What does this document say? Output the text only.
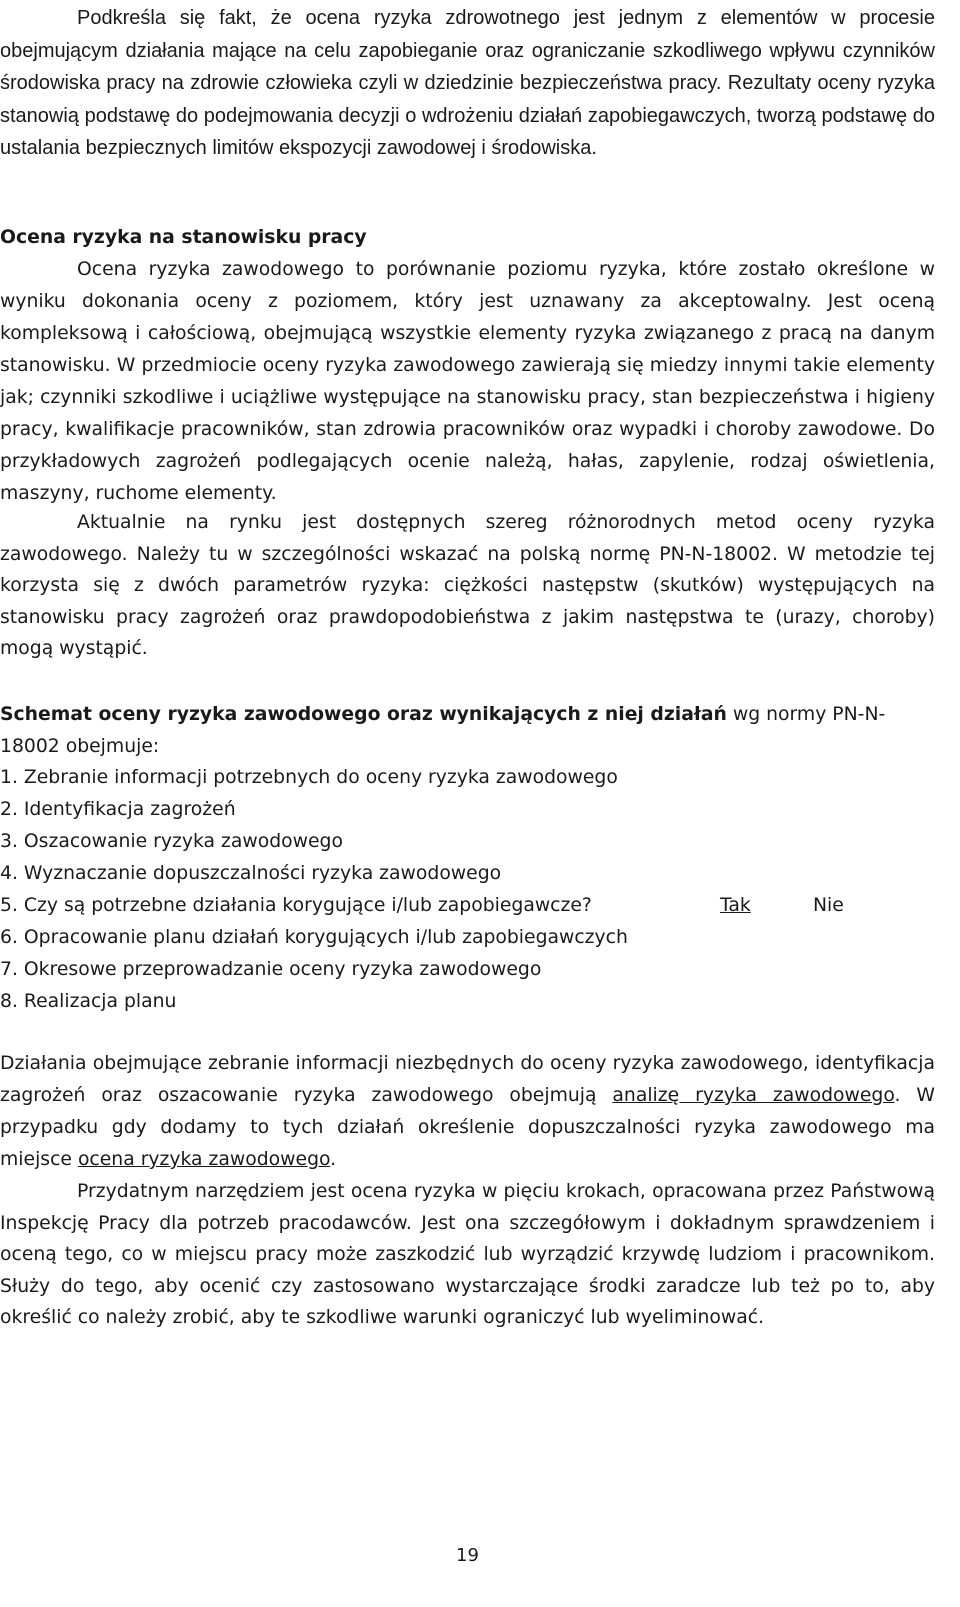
Podkreśla się fakt, że ocena ryzyka zdrowotnego jest jednym z elementów w procesie obejmującym działania mające na celu zapobieganie oraz ograniczanie szkodliwego wpływu czynników środowiska pracy na zdrowie człowieka czyli w dziedzinie bezpieczeństwa pracy. Rezultaty oceny ryzyka stanowią podstawę do podejmowania decyzji o wdrożeniu działań zapobiegawczych, tworzą podstawę do ustalania bezpiecznych limitów ekspozycji zawodowej i środowiska.

Ocena ryzyka na stanowisku pracy

Ocena ryzyka zawodowego to porównanie poziomu ryzyka, które zostało określone w wyniku dokonania oceny z poziomem, który jest uznawany za akceptowalny. Jest oceną kompleksową i całościową, obejmującą wszystkie elementy ryzyka związanego z pracą na danym stanowisku. W przedmiocie oceny ryzyka zawodowego zawierają się miedzy innymi takie elementy jak; czynniki szkodliwe i uciążliwe występujące na stanowisku pracy, stan bezpieczeństwa i higieny pracy, kwalifikacje pracowników, stan zdrowia pracowników oraz wypadki i choroby zawodowe. Do przykładowych zagrożeń podlegających ocenie należą, hałas, zapylenie, rodzaj oświetlenia, maszyny, ruchome elementy.

Aktualnie na rynku jest dostępnych szereg różnorodnych metod oceny ryzyka zawodowego. Należy tu w szczególności wskazać na polską normę PN-N-18002. W metodzie tej korzysta się z dwóch parametrów ryzyka: ciężkości następstw (skutków) występujących na stanowisku pracy zagrożeń oraz prawdopodobieństwa z jakim następstwa te (urazy, choroby) mogą wystąpić.

Schemat oceny ryzyka zawodowego oraz wynikających z niej działań wg normy PN-N-18002 obejmuje:

1. Zebranie informacji potrzebnych do oceny ryzyka zawodowego
2. Identyfikacja zagrożeń
3. Oszacowanie ryzyka zawodowego
4. Wyznaczanie dopuszczalności ryzyka zawodowego
5. Czy są potrzebne działania korygujące i/lub zapobiegawcze?	Tak	Nie
6. Opracowanie planu działań korygujących i/lub zapobiegawczych
7. Okresowe przeprowadzanie oceny ryzyka zawodowego
8. Realizacja planu

Działania obejmujące zebranie informacji niezbędnych do oceny ryzyka zawodowego, identyfikacja zagrożeń oraz oszacowanie ryzyka zawodowego obejmują analizę ryzyka zawodowego. W przypadku gdy dodamy to tych działań określenie dopuszczalności ryzyka zawodowego ma miejsce ocena ryzyka zawodowego.

Przydatnym narzędziem jest ocena ryzyka w pięciu krokach, opracowana przez Państwową Inspekcję Pracy dla potrzeb pracodawców. Jest ona szczegółowym i dokładnym sprawdzeniem i oceną tego, co w miejscu pracy może zaszkodzić lub wyrządzić krzywdę ludziom i pracownikom. Służy do tego, aby ocenić czy zastosowano wystarczające środki zaradcze lub też po to, aby określić co należy zrobić, aby te szkodliwe warunki ograniczyć lub wyeliminować.

19
